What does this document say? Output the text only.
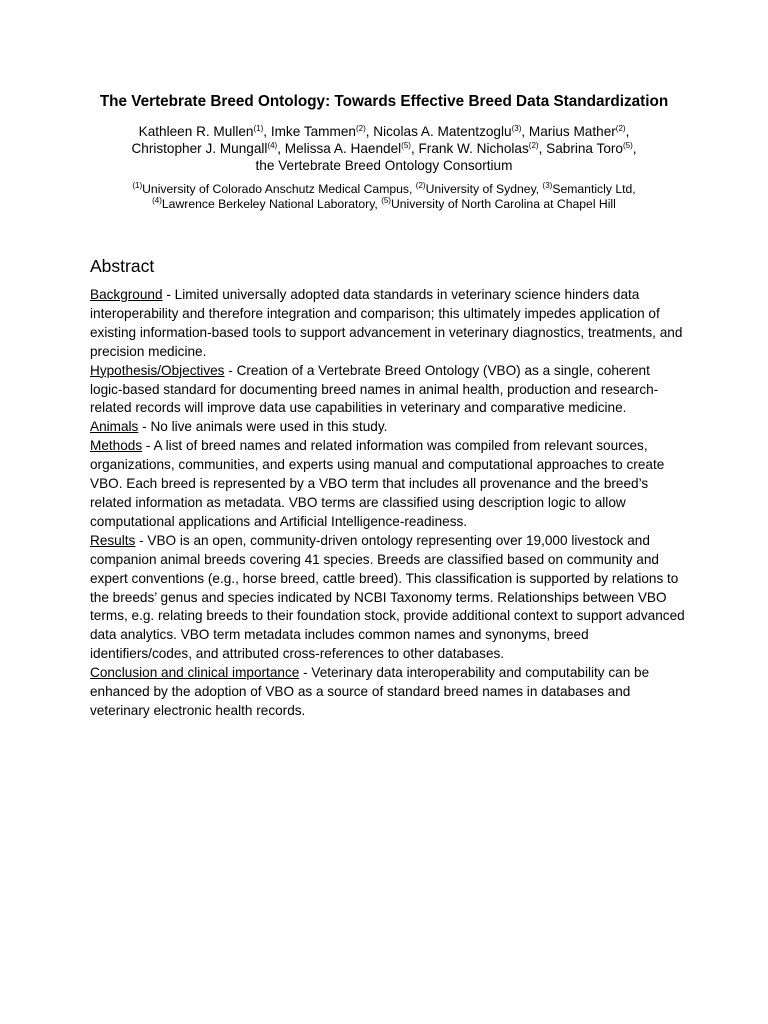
The Vertebrate Breed Ontology: Towards Effective Breed Data Standardization
Kathleen R. Mullen$^{(1)}$, Imke Tammen$^{(2)}$, Nicolas A. Matentzoglu$^{(3)}$, Marius Mather$^{(2)}$,
Christopher J. Mungall$^{(4)}$, Melissa A. Haendel$^{(5)}$, Frank W. Nicholas$^{(2)}$, Sabrina Toro$^{(5)}$,
the Vertebrate Breed Ontology Consortium
$^{(1)}$University of Colorado Anschutz Medical Campus, $^{(2)}$University of Sydney, $^{(3)}$Semanticly Ltd,
$^{(4)}$Lawrence Berkeley National Laboratory, $^{(5)}$University of North Carolina at Chapel Hill
Abstract

Background - Limited universally adopted data standards in veterinary science hinders data interoperability and therefore integration and comparison; this ultimately impedes application of existing information-based tools to support advancement in veterinary diagnostics, treatments, and precision medicine.

Hypothesis/Objectives - Creation of a Vertebrate Breed Ontology (VBO) as a single, coherent logic-based standard for documenting breed names in animal health, production and research-related records will improve data use capabilities in veterinary and comparative medicine.

Animals - No live animals were used in this study.

Methods - A list of breed names and related information was compiled from relevant sources, organizations, communities, and experts using manual and computational approaches to create VBO. Each breed is represented by a VBO term that includes all provenance and the breed’s related information as metadata. VBO terms are classified using description logic to allow computational applications and Artificial Intelligence-readiness.

Results - VBO is an open, community-driven ontology representing over 19,000 livestock and companion animal breeds covering 41 species. Breeds are classified based on community and expert conventions (e.g., horse breed, cattle breed). This classification is supported by relations to the breeds’ genus and species indicated by NCBI Taxonomy terms. Relationships between VBO terms, e.g. relating breeds to their foundation stock, provide additional context to support advanced data analytics. VBO term metadata includes common names and synonyms, breed identifiers/codes, and attributed cross-references to other databases.

Conclusion and clinical importance - Veterinary data interoperability and computability can be enhanced by the adoption of VBO as a source of standard breed names in databases and veterinary electronic health records.
